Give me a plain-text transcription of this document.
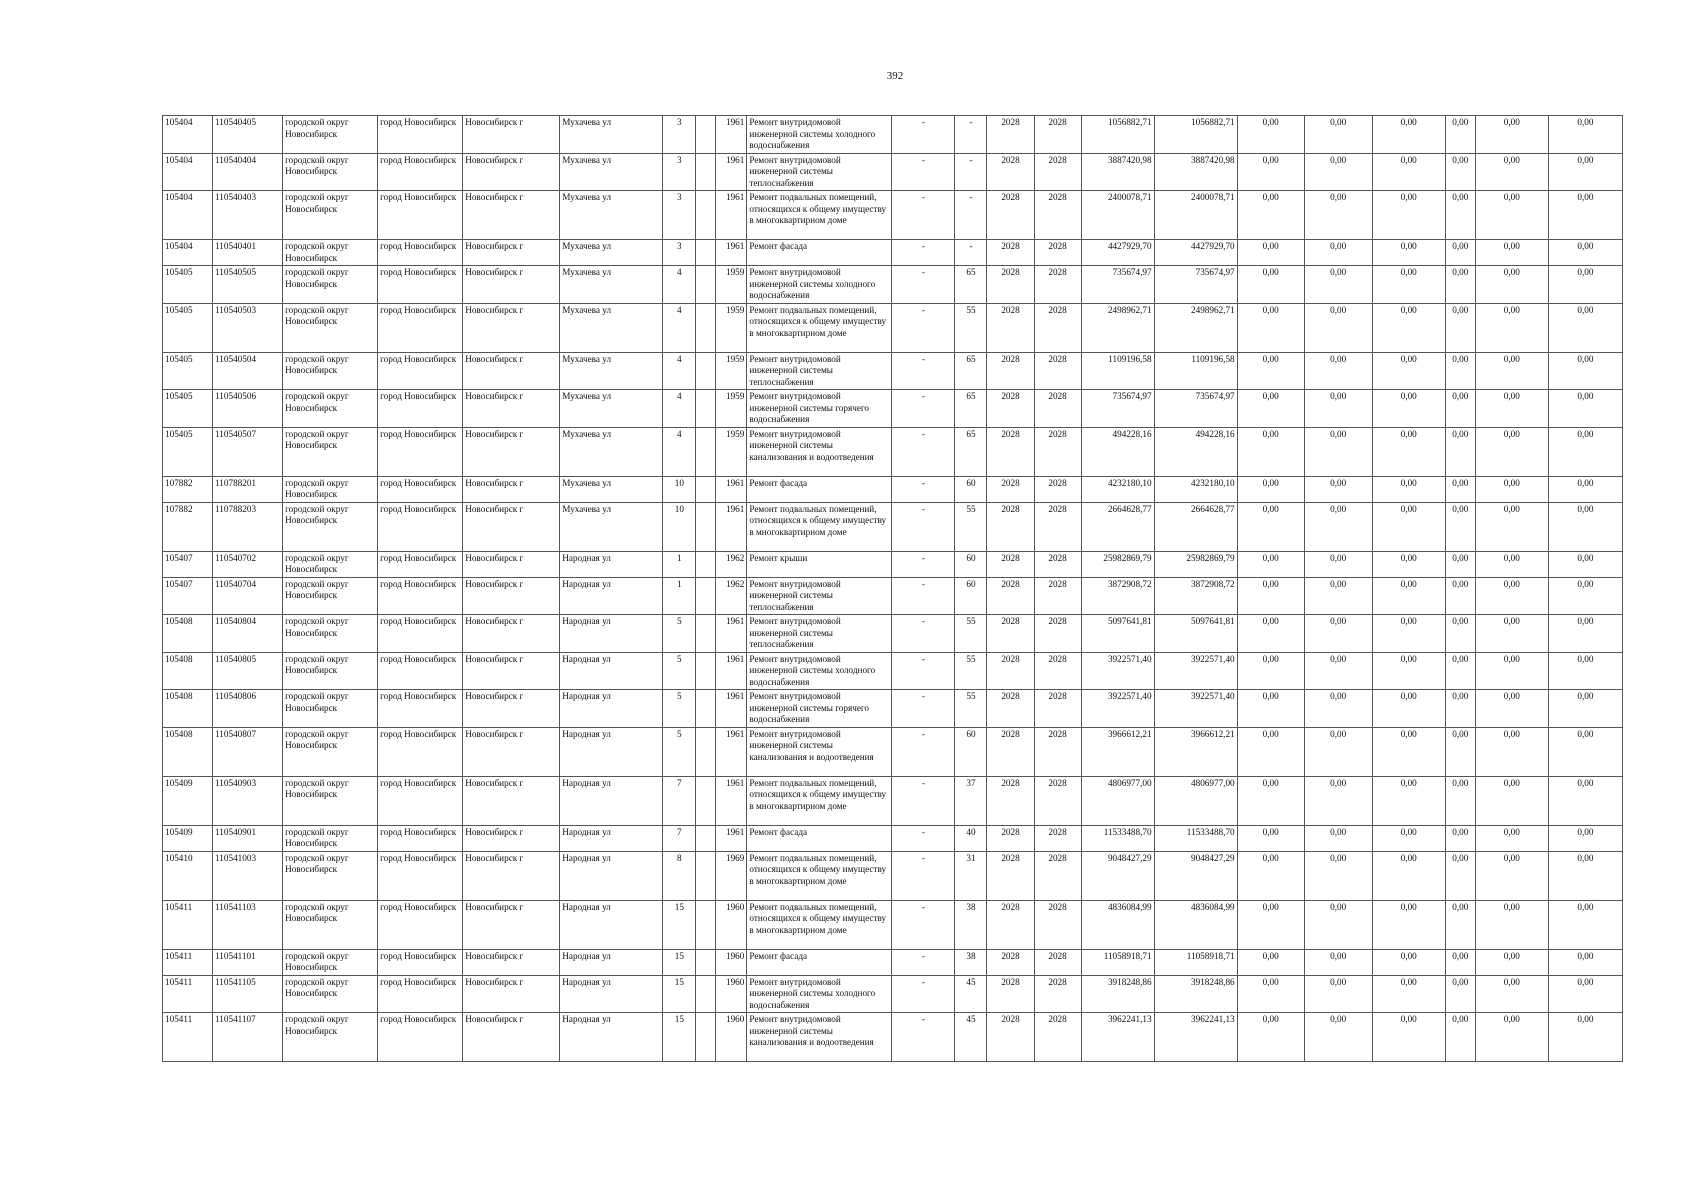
392
105404	110540405	городской округ Новосибирск	город Новосибирск	Новосибирск г	Мухачева ул	3		1961	Ремонт внутридомовой инженерной системы холодного водоснабжения	-	-	2028	2028	1056882,71	1056882,71	0,00	0,00	0,00	0,00	0,00	0,00
105404	110540404	городской округ Новосибирск	город Новосибирск	Новосибирск г	Мухачева ул	3		1961	Ремонт внутридомовой инженерной системы теплоснабжения	-	-	2028	2028	3887420,98	3887420,98	0,00	0,00	0,00	0,00	0,00	0,00
105404	110540403	городской округ Новосибирск	город Новосибирск	Новосибирск г	Мухачева ул	3		1961	Ремонт подвальных помещений, относящихся к общему имуществу в многоквартирном доме	-	-	2028	2028	2400078,71	2400078,71	0,00	0,00	0,00	0,00	0,00	0,00
105404	110540401	городской округ Новосибирск	город Новосибирск	Новосибирск г	Мухачева ул	3		1961	Ремонт фасада	-	-	2028	2028	4427929,70	4427929,70	0,00	0,00	0,00	0,00	0,00	0,00
105405	110540505	городской округ Новосибирск	город Новосибирск	Новосибирск г	Мухачева ул	4		1959	Ремонт внутридомовой инженерной системы холодного водоснабжения	-	65	2028	2028	735674,97	735674,97	0,00	0,00	0,00	0,00	0,00	0,00
105405	110540503	городской округ Новосибирск	город Новосибирск	Новосибирск г	Мухачева ул	4		1959	Ремонт подвальных помещений, относящихся к общему имуществу в многоквартирном доме	-	55	2028	2028	2498962,71	2498962,71	0,00	0,00	0,00	0,00	0,00	0,00
105405	110540504	городской округ Новосибирск	город Новосибирск	Новосибирск г	Мухачева ул	4		1959	Ремонт внутридомовой инженерной системы теплоснабжения	-	65	2028	2028	1109196,58	1109196,58	0,00	0,00	0,00	0,00	0,00	0,00
105405	110540506	городской округ Новосибирск	город Новосибирск	Новосибирск г	Мухачева ул	4		1959	Ремонт внутридомовой инженерной системы горячего водоснабжения	-	65	2028	2028	735674,97	735674,97	0,00	0,00	0,00	0,00	0,00	0,00
105405	110540507	городской округ Новосибирск	город Новосибирск	Новосибирск г	Мухачева ул	4		1959	Ремонт внутридомовой инженерной системы канализования и водоотведения	-	65	2028	2028	494228,16	494228,16	0,00	0,00	0,00	0,00	0,00	0,00
107882	110788201	городской округ Новосибирск	город Новосибирск	Новосибирск г	Мухачева ул	10		1961	Ремонт фасада	-	60	2028	2028	4232180,10	4232180,10	0,00	0,00	0,00	0,00	0,00	0,00
107882	110788203	городской округ Новосибирск	город Новосибирск	Новосибирск г	Мухачева ул	10		1961	Ремонт подвальных помещений, относящихся к общему имуществу в многоквартирном доме	-	55	2028	2028	2664628,77	2664628,77	0,00	0,00	0,00	0,00	0,00	0,00
105407	110540702	городской округ Новосибирск	город Новосибирск	Новосибирск г	Народная ул	1		1962	Ремонт крыши	-	60	2028	2028	25982869,79	25982869,79	0,00	0,00	0,00	0,00	0,00	0,00
105407	110540704	городской округ Новосибирск	город Новосибирск	Новосибирск г	Народная ул	1		1962	Ремонт внутридомовой инженерной системы теплоснабжения	-	60	2028	2028	3872908,72	3872908,72	0,00	0,00	0,00	0,00	0,00	0,00
105408	110540804	городской округ Новосибирск	город Новосибирск	Новосибирск г	Народная ул	5		1961	Ремонт внутридомовой инженерной системы теплоснабжения	-	55	2028	2028	5097641,81	5097641,81	0,00	0,00	0,00	0,00	0,00	0,00
105408	110540805	городской округ Новосибирск	город Новосибирск	Новосибирск г	Народная ул	5		1961	Ремонт внутридомовой инженерной системы холодного водоснабжения	-	55	2028	2028	3922571,40	3922571,40	0,00	0,00	0,00	0,00	0,00	0,00
105408	110540806	городской округ Новосибирск	город Новосибирск	Новосибирск г	Народная ул	5		1961	Ремонт внутридомовой инженерной системы горячего водоснабжения	-	55	2028	2028	3922571,40	3922571,40	0,00	0,00	0,00	0,00	0,00	0,00
105408	110540807	городской округ Новосибирск	город Новосибирск	Новосибирск г	Народная ул	5		1961	Ремонт внутридомовой инженерной системы канализования и водоотведения	-	60	2028	2028	3966612,21	3966612,21	0,00	0,00	0,00	0,00	0,00	0,00
105409	110540903	городской округ Новосибирск	город Новосибирск	Новосибирск г	Народная ул	7		1961	Ремонт подвальных помещений, относящихся к общему имуществу в многоквартирном доме	-	37	2028	2028	4806977,00	4806977,00	0,00	0,00	0,00	0,00	0,00	0,00
105409	110540901	городской округ Новосибирск	город Новосибирск	Новосибирск г	Народная ул	7		1961	Ремонт фасада	-	40	2028	2028	11533488,70	11533488,70	0,00	0,00	0,00	0,00	0,00	0,00
105410	110541003	городской округ Новосибирск	город Новосибирск	Новосибирск г	Народная ул	8		1969	Ремонт подвальных помещений, относящихся к общему имуществу в многоквартирном доме	-	31	2028	2028	9048427,29	9048427,29	0,00	0,00	0,00	0,00	0,00	0,00
105411	110541103	городской округ Новосибирск	город Новосибирск	Новосибирск г	Народная ул	15		1960	Ремонт подвальных помещений, относящихся к общему имуществу в многоквартирном доме	-	38	2028	2028	4836084,99	4836084,99	0,00	0,00	0,00	0,00	0,00	0,00
105411	110541101	городской округ Новосибирск	город Новосибирск	Новосибирск г	Народная ул	15		1960	Ремонт фасада	-	38	2028	2028	11058918,71	11058918,71	0,00	0,00	0,00	0,00	0,00	0,00
105411	110541105	городской округ Новосибирск	город Новосибирск	Новосибирск г	Народная ул	15		1960	Ремонт внутридомовой инженерной системы холодного водоснабжения	-	45	2028	2028	3918248,86	3918248,86	0,00	0,00	0,00	0,00	0,00	0,00
105411	110541107	городской округ Новосибирск	город Новосибирск	Новосибирск г	Народная ул	15		1960	Ремонт внутридомовой инженерной системы канализования и водоотведения	-	45	2028	2028	3962241,13	3962241,13	0,00	0,00	0,00	0,00	0,00	0,00
